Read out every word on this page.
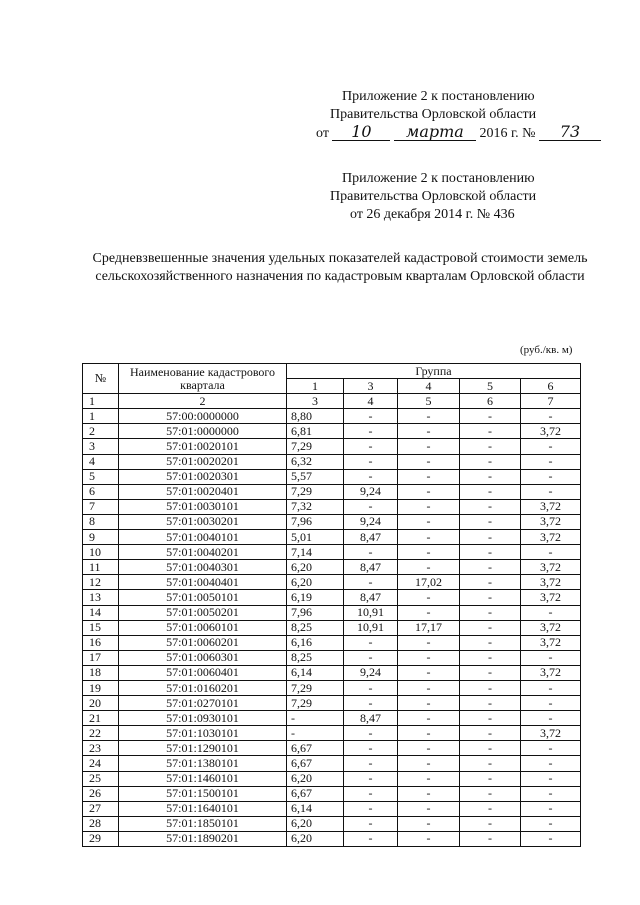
Приложение 2 к постановлению
Правительства Орловской области
от 10 марта 2016 г. № 73
Приложение 2 к постановлению
Правительства Орловской области
от 26 декабря 2014 г. № 436
Средневзвешенные значения удельных показателей кадастровой стоимости земель сельскохозяйственного назначения по кадастровым кварталам Орловской области
(руб./кв. м)
№	Наименование кадастрового квартала	Группа				
		1	3	4	5	6
1	2	3	4	5	6	7
1	57:00:0000000	8,80	-	-	-	-
2	57:01:0000000	6,81	-	-	-	3,72
3	57:01:0020101	7,29	-	-	-	-
4	57:01:0020201	6,32	-	-	-	-
5	57:01:0020301	5,57	-	-	-	-
6	57:01:0020401	7,29	9,24	-	-	-
7	57:01:0030101	7,32	-	-	-	3,72
8	57:01:0030201	7,96	9,24	-	-	3,72
9	57:01:0040101	5,01	8,47	-	-	3,72
10	57:01:0040201	7,14	-	-	-	-
11	57:01:0040301	6,20	8,47	-	-	3,72
12	57:01:0040401	6,20	-	17,02	-	3,72
13	57:01:0050101	6,19	8,47	-	-	3,72
14	57:01:0050201	7,96	10,91	-	-	-
15	57:01:0060101	8,25	10,91	17,17	-	3,72
16	57:01:0060201	6,16	-	-	-	3,72
17	57:01:0060301	8,25	-	-	-	-
18	57:01:0060401	6,14	9,24	-	-	3,72
19	57:01:0160201	7,29	-	-	-	-
20	57:01:0270101	7,29	-	-	-	-
21	57:01:0930101	-	8,47	-	-	-
22	57:01:1030101	-	-	-	-	3,72
23	57:01:1290101	6,67	-	-	-	-
24	57:01:1380101	6,67	-	-	-	-
25	57:01:1460101	6,20	-	-	-	-
26	57:01:1500101	6,67	-	-	-	-
27	57:01:1640101	6,14	-	-	-	-
28	57:01:1850101	6,20	-	-	-	-
29	57:01:1890201	6,20	-	-	-	-
